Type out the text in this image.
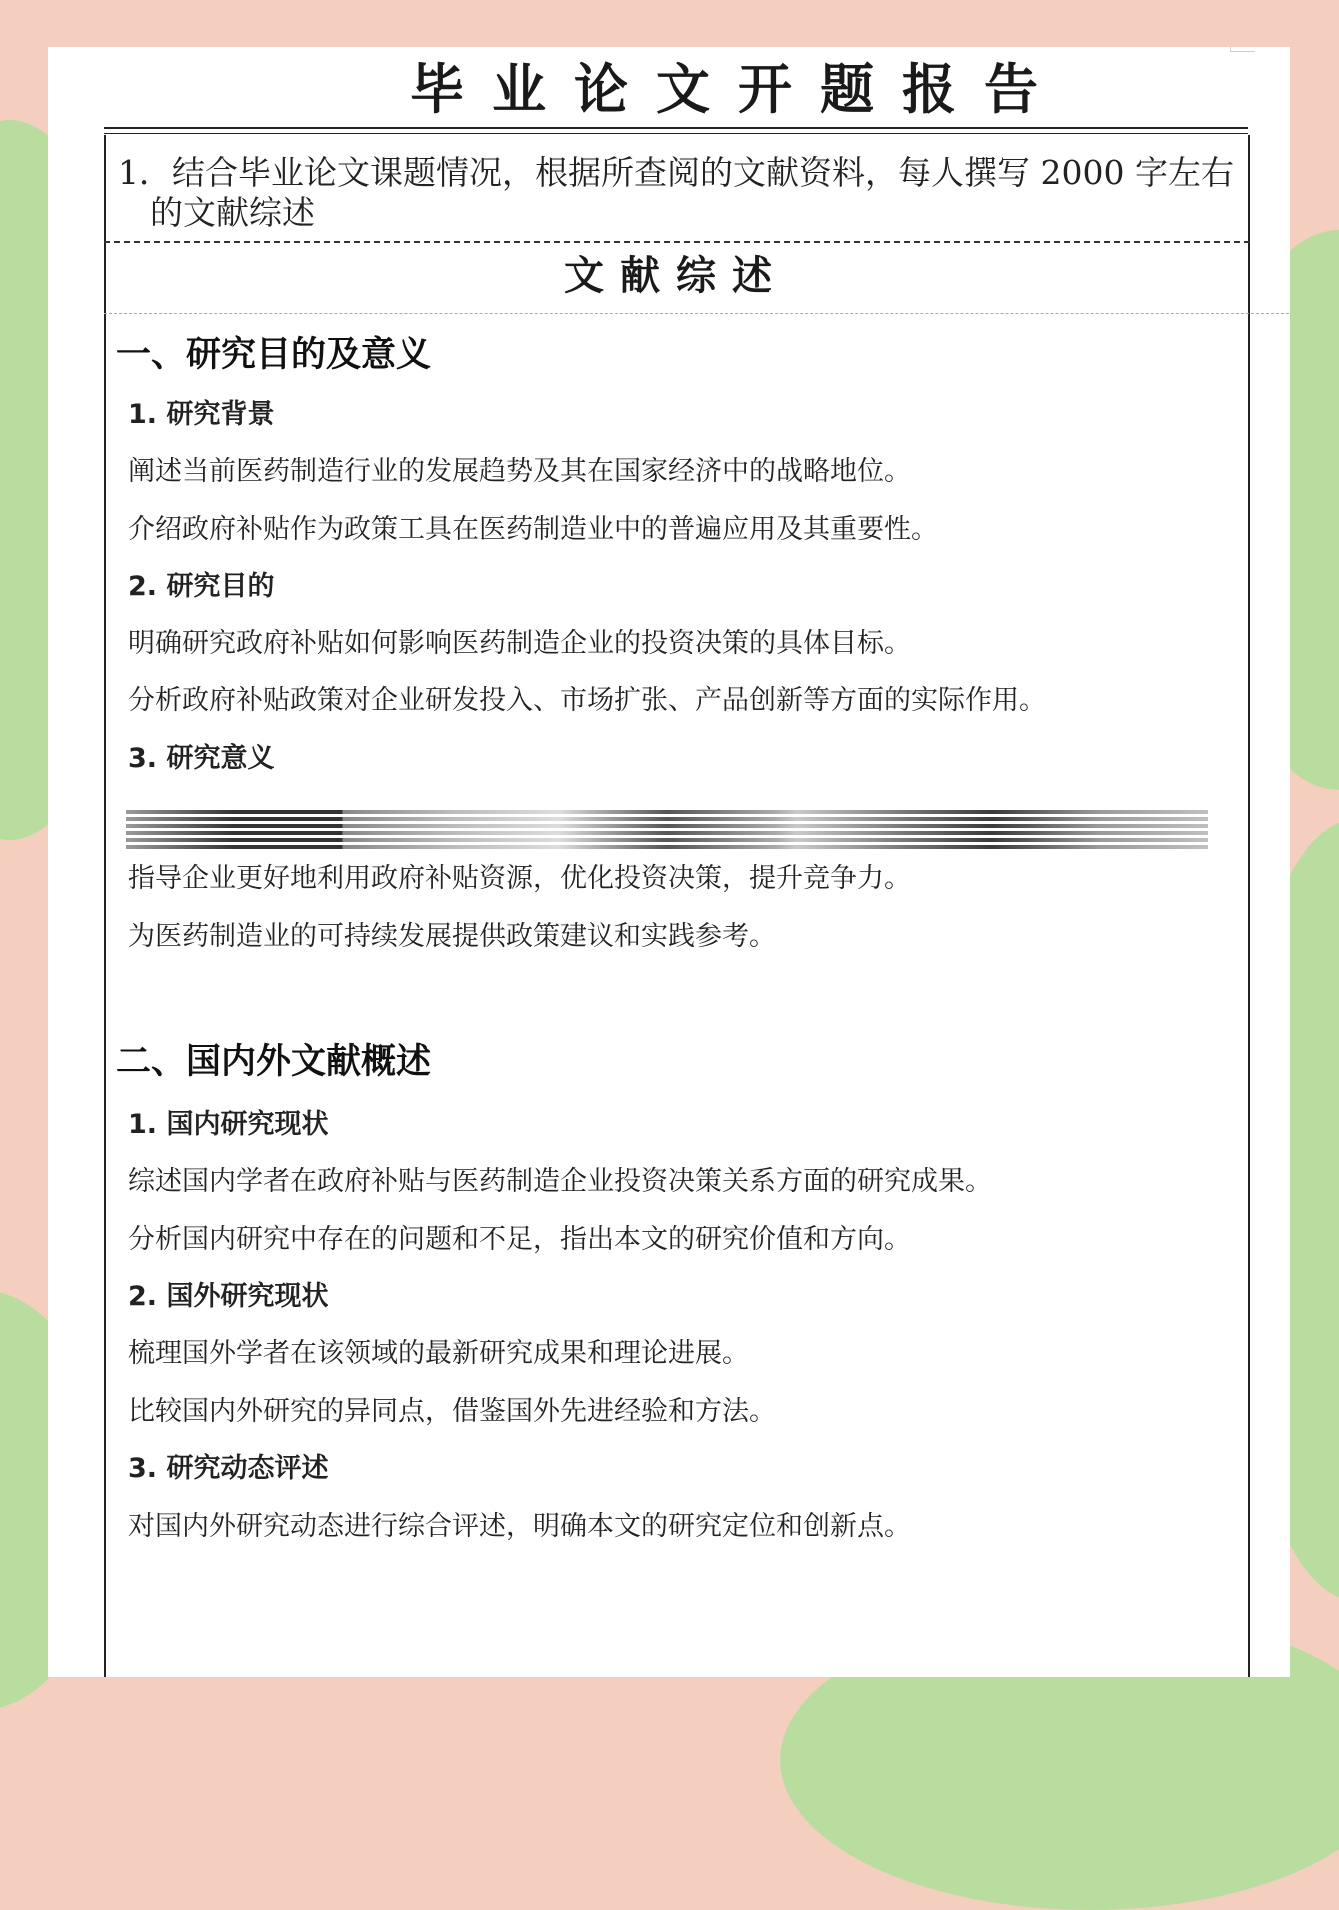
毕业论文开题报告

1．结合毕业论文课题情况，根据所查阅的文献资料，每人撰写 2000 字左右的文献综述

文献综述
一、研究目的及意义
1. 研究背景

阐述当前医药制造行业的发展趋势及其在国家经济中的战略地位。

介绍政府补贴作为政策工具在医药制造业中的普遍应用及其重要性。

2. 研究目的

明确研究政府补贴如何影响医药制造企业的投资决策的具体目标。

分析政府补贴政策对企业研发投入、市场扩张、产品创新等方面的实际作用。

3. 研究意义

指导企业更好地利用政府补贴资源，优化投资决策，提升竞争力。

为医药制造业的可持续发展提供政策建议和实践参考。

二、国内外文献概述
1. 国内研究现状

综述国内学者在政府补贴与医药制造企业投资决策关系方面的研究成果。

分析国内研究中存在的问题和不足，指出本文的研究价值和方向。

2. 国外研究现状

梳理国外学者在该领域的最新研究成果和理论进展。

比较国内外研究的异同点，借鉴国外先进经验和方法。

3. 研究动态评述

对国内外研究动态进行综合评述，明确本文的研究定位和创新点。
